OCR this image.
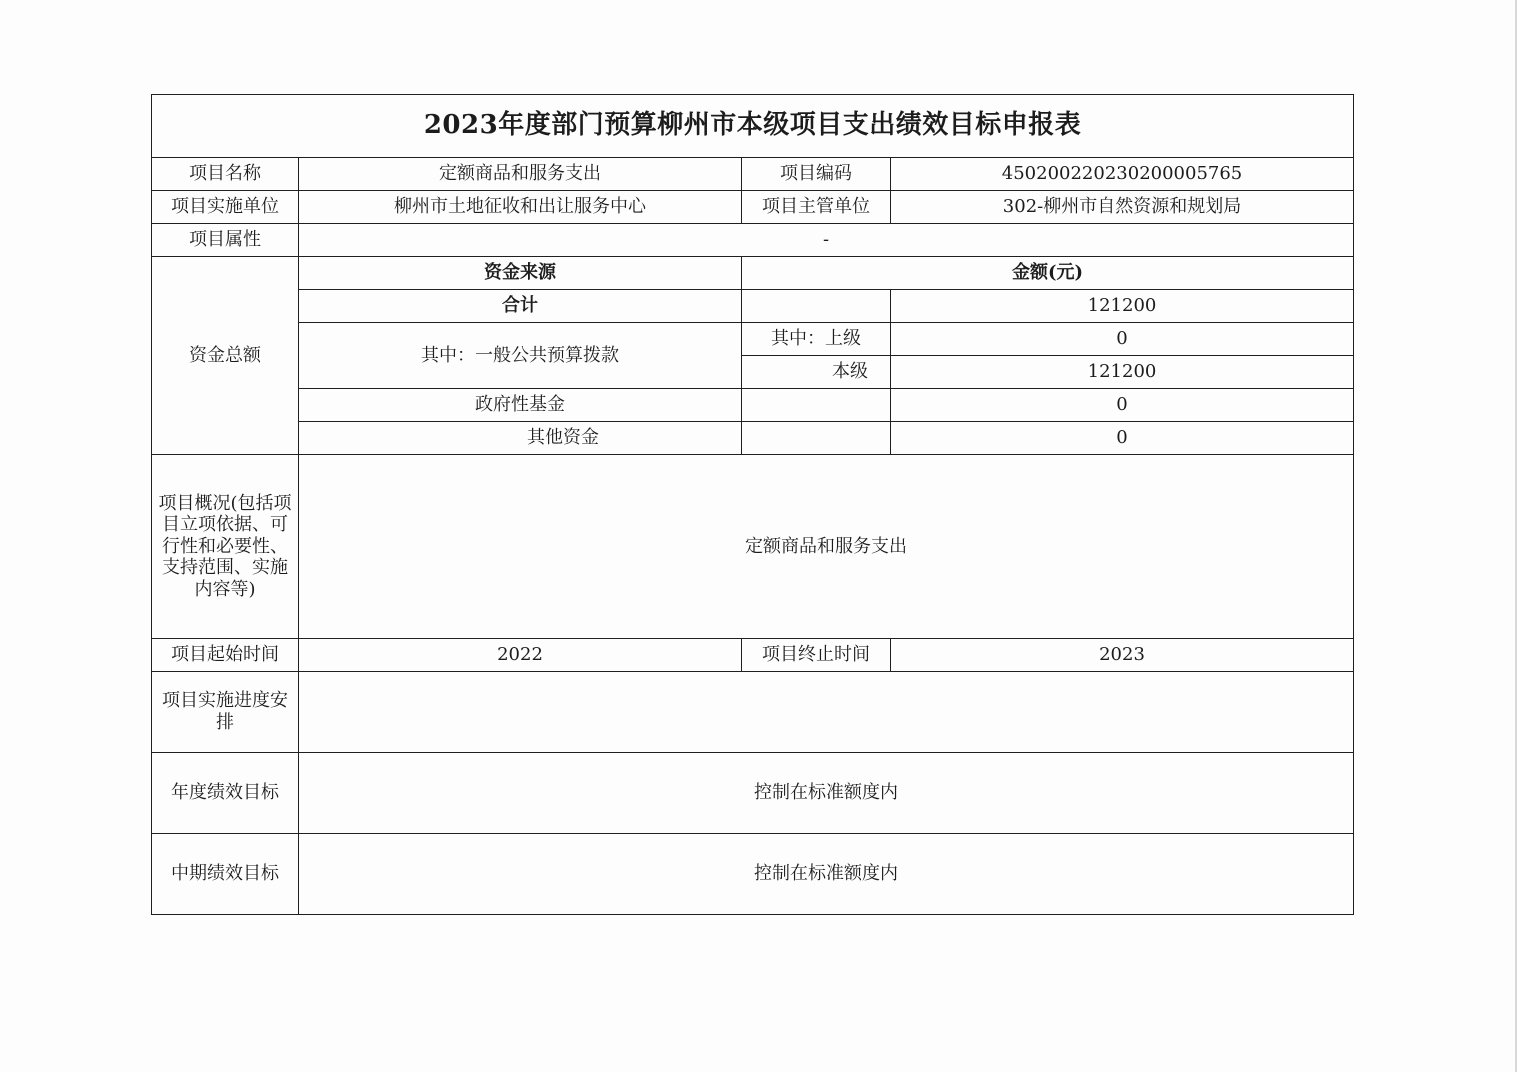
2023年度部门预算柳州市本级项目支出绩效目标申报表			
项目名称	定额商品和服务支出	项目编码	450200220230200005765
项目实施单位	柳州市土地征收和出让服务中心	项目主管单位	302-柳州市自然资源和规划局
项目属性	-		
资金总额	资金来源	金额(元)	
	合计		121200
	其中：一般公共预算拨款	其中：上级	0
		本级	121200
	政府性基金		0
	其他资金		0
项目概况(包括项目立项依据、可行性和必要性、支持范围、实施内容等)	定额商品和服务支出		
项目起始时间	2022	项目终止时间	2023
项目实施进度安排			
年度绩效目标	控制在标准额度内		
中期绩效目标	控制在标准额度内		
